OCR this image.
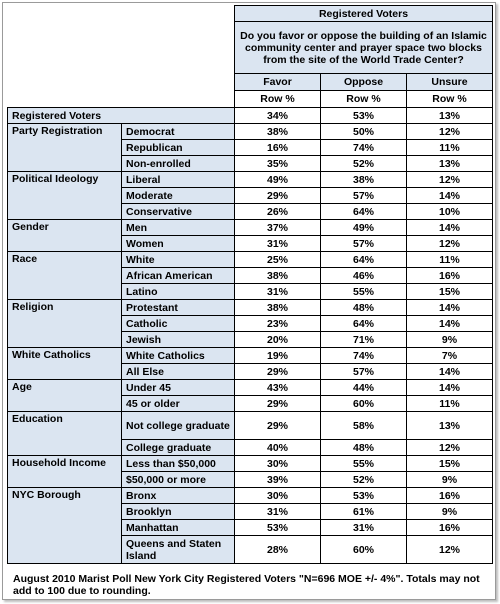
		Registered Voters		
		Do you favor or oppose the building of an Islamic community center and prayer space two blocks from the site of the World Trade Center?		
		Favor	Oppose	Unsure
		Row %	Row %	Row %
Registered Voters		34%	53%	13%
Party Registration	Democrat	38%	50%	12%
	Republican	16%	74%	11%
	Non-enrolled	35%	52%	13%
Political Ideology	Liberal	49%	38%	12%
	Moderate	29%	57%	14%
	Conservative	26%	64%	10%
Gender	Men	37%	49%	14%
	Women	31%	57%	12%
Race	White	25%	64%	11%
	African American	38%	46%	16%
	Latino	31%	55%	15%
Religion	Protestant	38%	48%	14%
	Catholic	23%	64%	14%
	Jewish	20%	71%	9%
White Catholics	White Catholics	19%	74%	7%
	All Else	29%	57%	14%
Age	Under 45	43%	44%	14%
	45 or older	29%	60%	11%
Education	Not college graduate	29%	58%	13%
	College graduate	40%	48%	12%
Household Income	Less than $50,000	30%	55%	15%
	$50,000 or more	39%	52%	9%
NYC Borough	Bronx	30%	53%	16%
	Brooklyn	31%	61%	9%
	Manhattan	53%	31%	16%
	Queens and Staten Island	28%	60%	12%
August 2010 Marist Poll New York City Registered Voters "N=696 MOE +/- 4%". Totals may not add to 100 due to rounding.
